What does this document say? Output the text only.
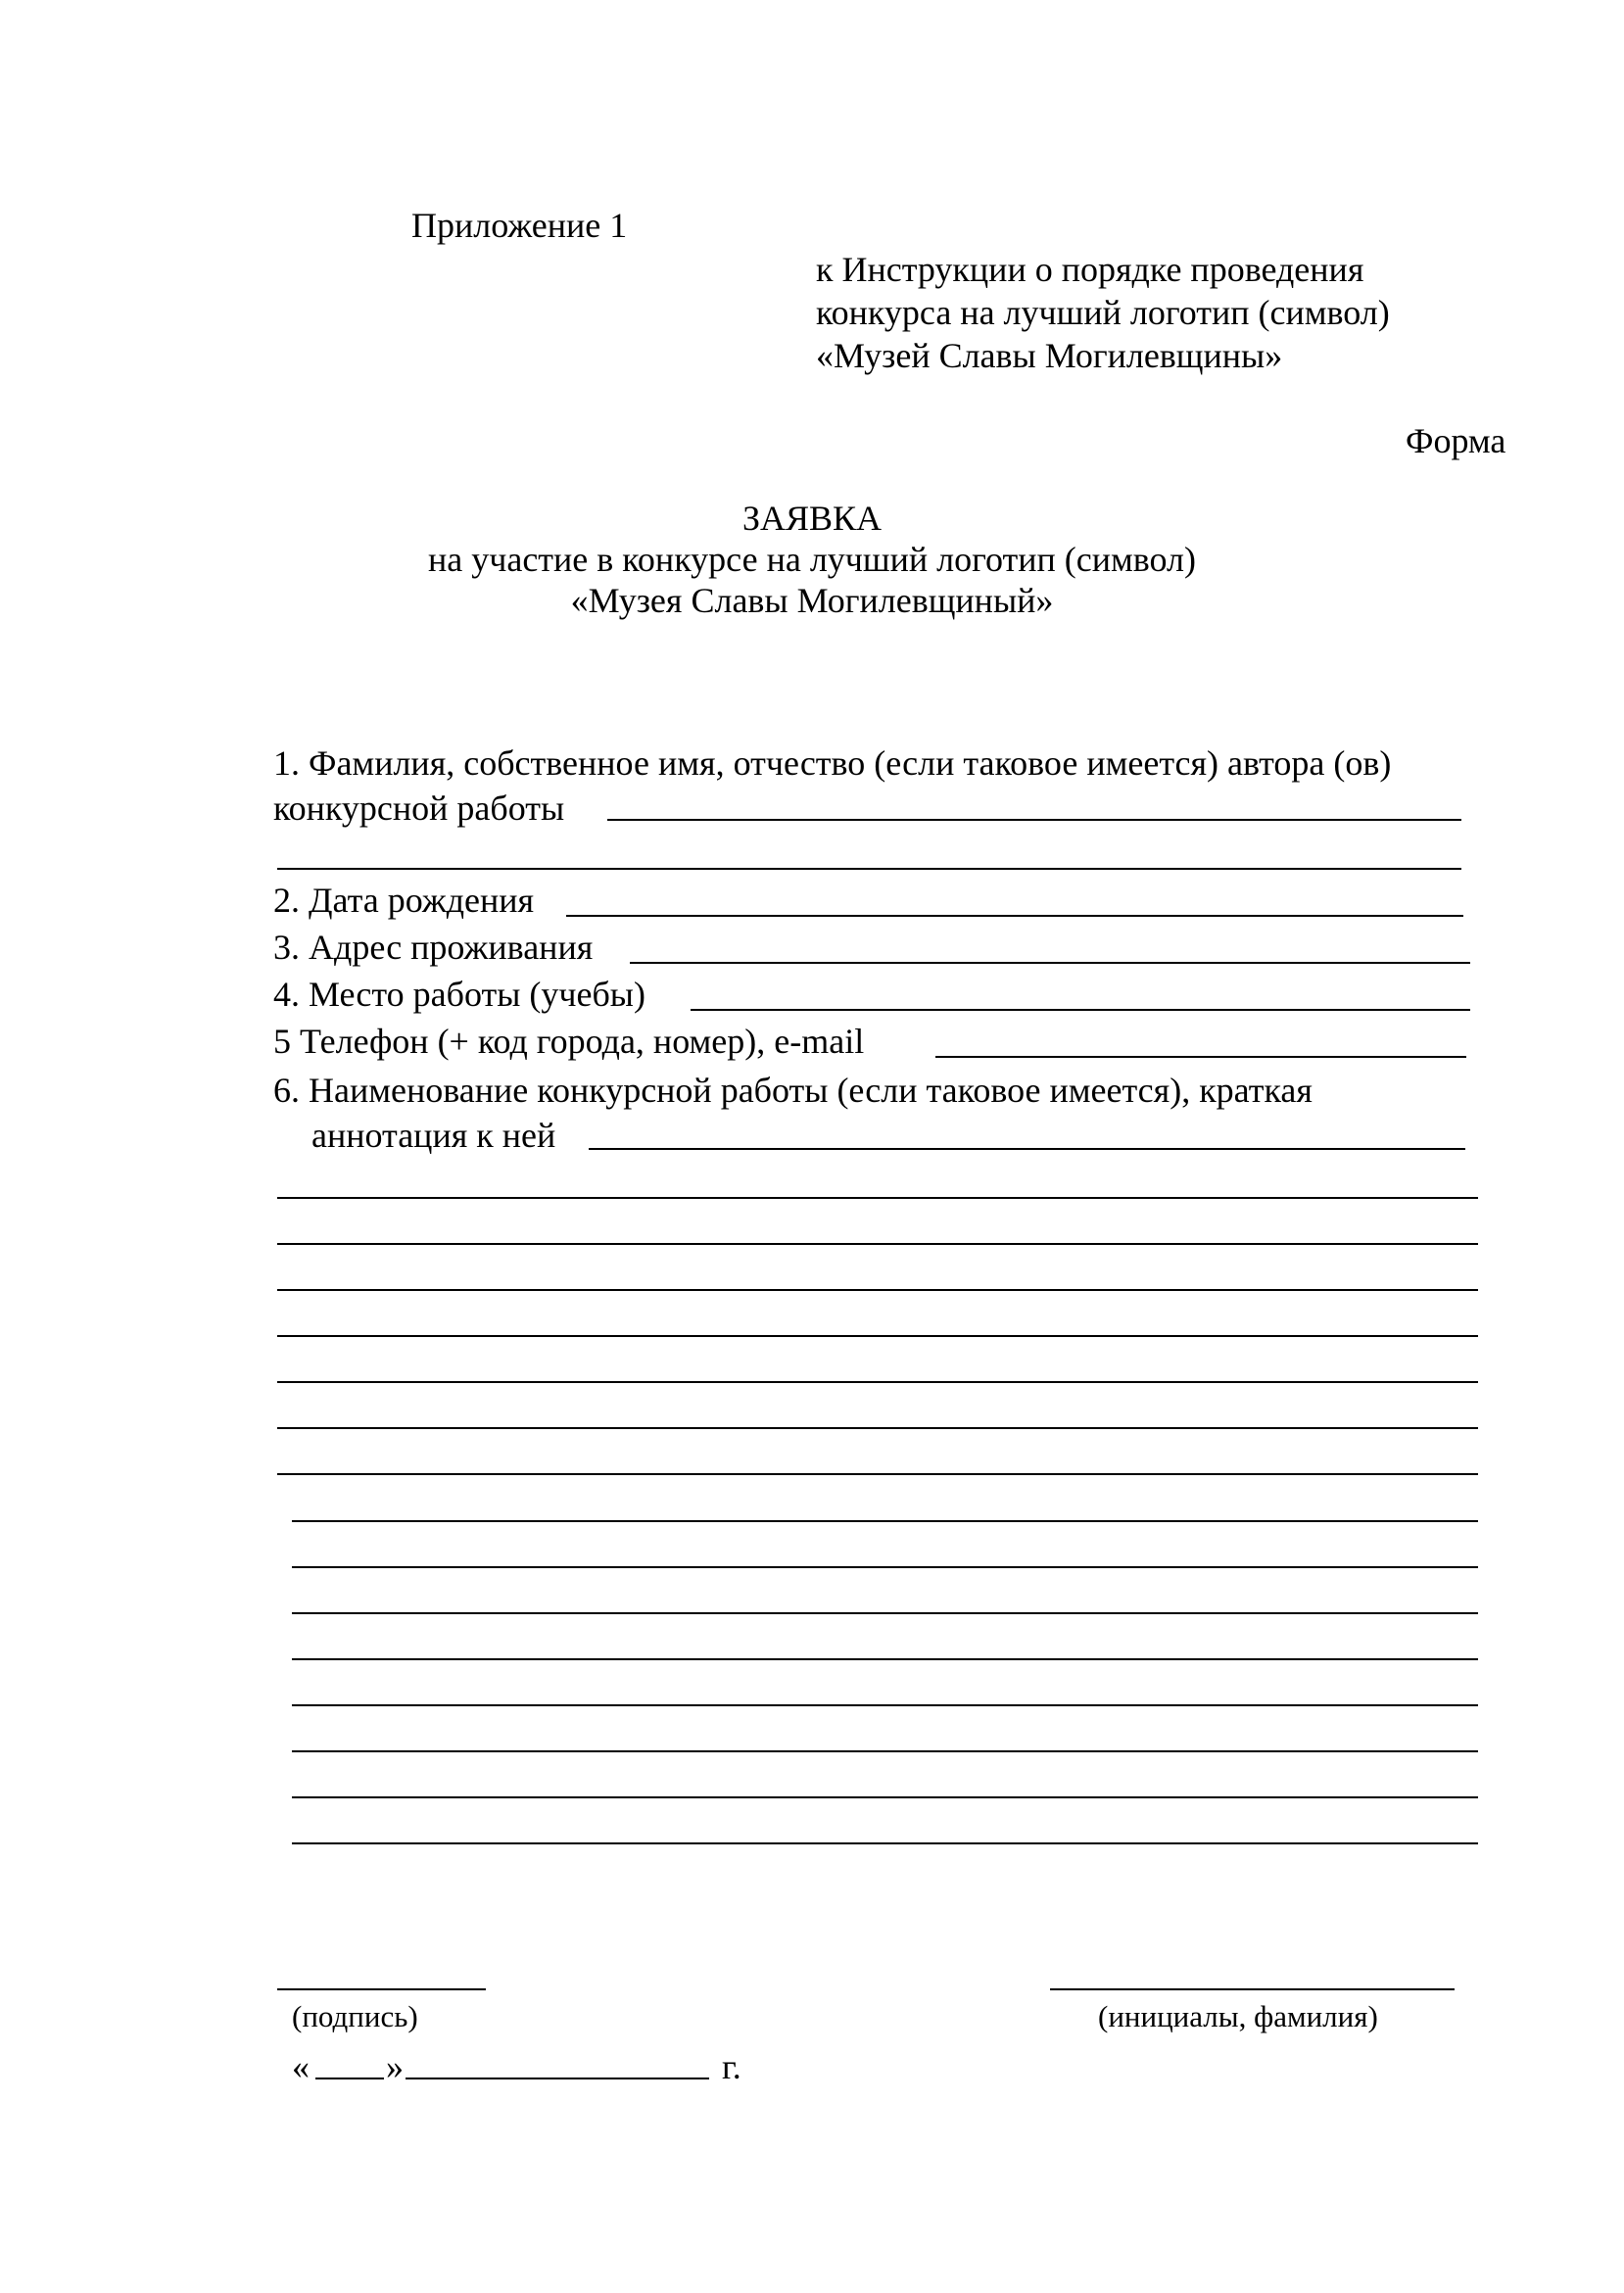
Приложение 1
к Инструкции о порядке проведения
конкурса на лучший логотип (символ)
«Музей Славы Могилевщины»
Форма
ЗАЯВКА
на участие в конкурсе на лучший логотип (символ)
«Музея Славы Могилевщиный»
1. Фамилия, собственное имя, отчество (если таковое имеется) автора (ов)
конкурсной работы
2. Дата рождения
3. Адрес проживания
4. Место работы (учебы)
5 Телефон (+ код города, номер), e-mail
6. Наименование конкурсной работы (если таковое имеется), краткая
аннотация к ней
(подпись)	(инициалы, фамилия)
« »	г.
